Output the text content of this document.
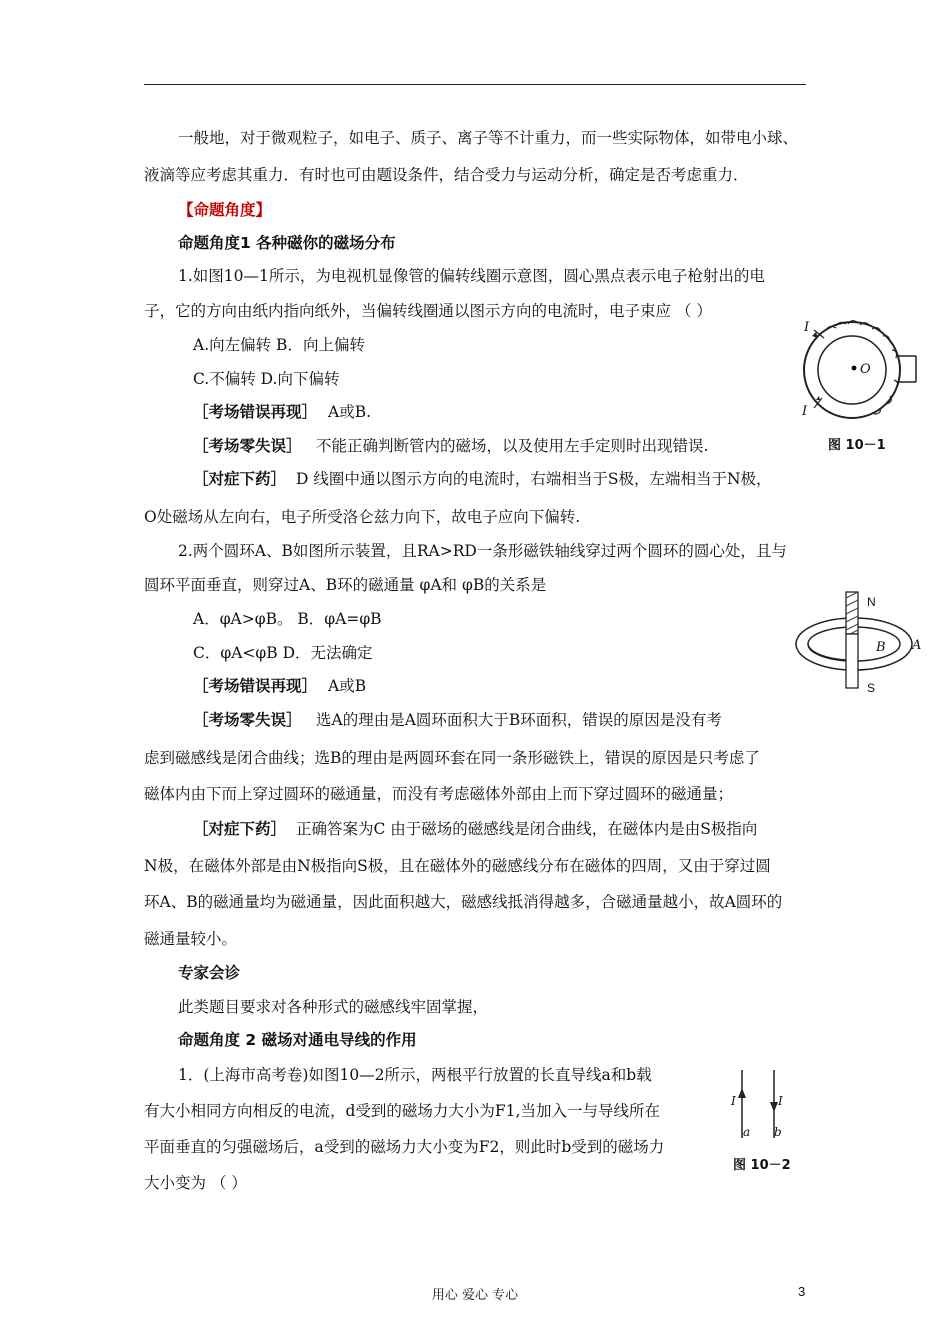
一般地，对于微观粒子，如电子、质子、离子等不计重力，而一些实际物体，如带电小球、
液滴等应考虑其重力．有时也可由题设条件，结合受力与运动分析，确定是否考虑重力．
【命题角度】
命题角度1 各种磁你的磁场分布
1.如图10—1所示，为电视机显像管的偏转线圈示意图，圆心黑点表示电子枪射出的电
子，它的方向由纸内指向纸外，当偏转线圈通以图示方向的电流时，电子束应 （ ）
A.向左偏转 B．向上偏转
C.不偏转 D.向下偏转
［考场错误再现］ A或B.
［考场零失误］ 不能正确判断管内的磁场，以及使用左手定则时出现错误.
［对症下药］ D 线圈中通以图示方向的电流时，右端相当于S极，左端相当于N极，
O处磁场从左向右，电子所受洛仑兹力向下，故电子应向下偏转.
2.两个圆环A、B如图所示装置，且RA>RD一条形磁铁轴线穿过两个圆环的圆心处，且与
圆环平面垂直，则穿过A、B环的磁通量 φA和 φB的关系是
A．φA>φB。 B．φA=φB
C．φA<φB D．无法确定
［考场错误再现］ A或B
［考场零失误］ 选A的理由是A圆环面积大于B环面积，错误的原因是没有考
虑到磁感线是闭合曲线；选B的理由是两圆环套在同一条形磁铁上，错误的原因是只考虑了
磁体内由下而上穿过圆环的磁通量，而没有考虑磁体外部由上而下穿过圆环的磁通量；
［对症下药］ 正确答案为C 由于磁场的磁感线是闭合曲线，在磁体内是由S极指向
N极，在磁体外部是由N极指向S极，且在磁体外的磁感线分布在磁体的四周，又由于穿过圆
环A、B的磁通量均为磁通量，因此面积越大，磁感线抵消得越多，合磁通量越小，故A圆环的
磁通量较小。
专家会诊
此类题目要求对各种形式的磁感线牢固掌握，
命题角度 2 磁场对通电导线的作用
1．(上海市高考卷)如图10—2所示，两根平行放置的长直导线a和b载
有大小相同方向相反的电流，d受到的磁场力大小为F1,当加入一与导线所在
平面垂直的匀强磁场后，a受到的磁场力大小变为F2，则此时b受到的磁场力
大小变为 （ ）
I
I
O
图 10－1
N
B A
S
I	I
a b
图 10－2
用心 爱心 专心	3
